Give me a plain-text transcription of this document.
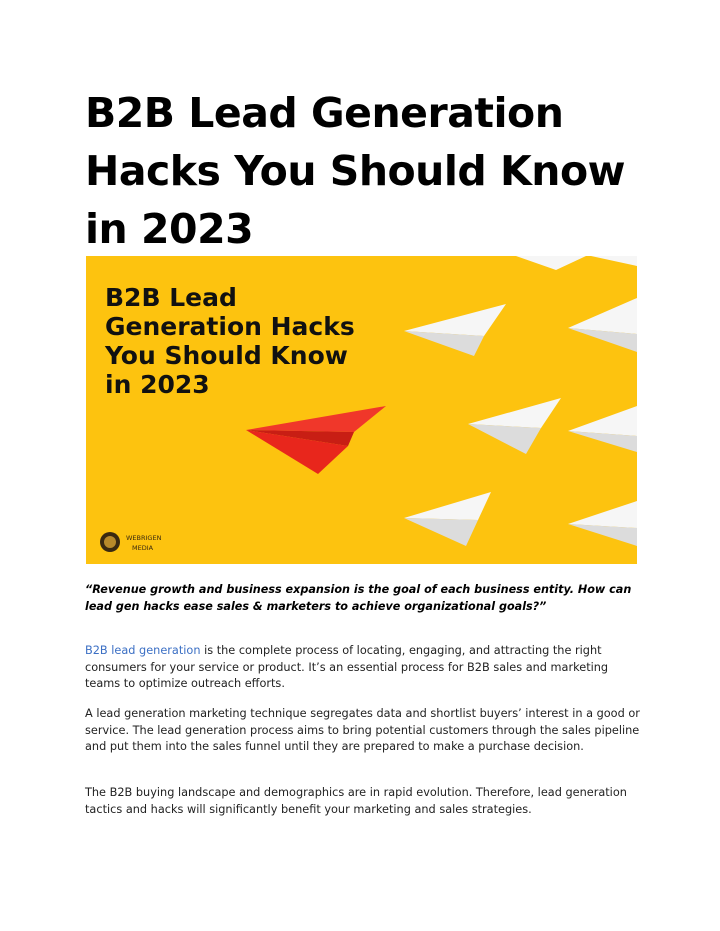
B2B Lead Generation Hacks You Should Know in 2023
B2B Lead
Generation Hacks
You Should Know
in 2023
WEBRIGEN
MEDIA

“Revenue growth and business expansion is the goal of each business entity. How can lead gen hacks ease sales & marketers to achieve organizational goals?”

B2B lead generation is the complete process of locating, engaging, and attracting the right consumers for your service or product. It’s an essential process for B2B sales and marketing teams to optimize outreach efforts.

A lead generation marketing technique segregates data and shortlist buyers’ interest in a good or service. The lead generation process aims to bring potential customers through the sales pipeline and put them into the sales funnel until they are prepared to make a purchase decision.

The B2B buying landscape and demographics are in rapid evolution. Therefore, lead generation tactics and hacks will significantly benefit your marketing and sales strategies.
